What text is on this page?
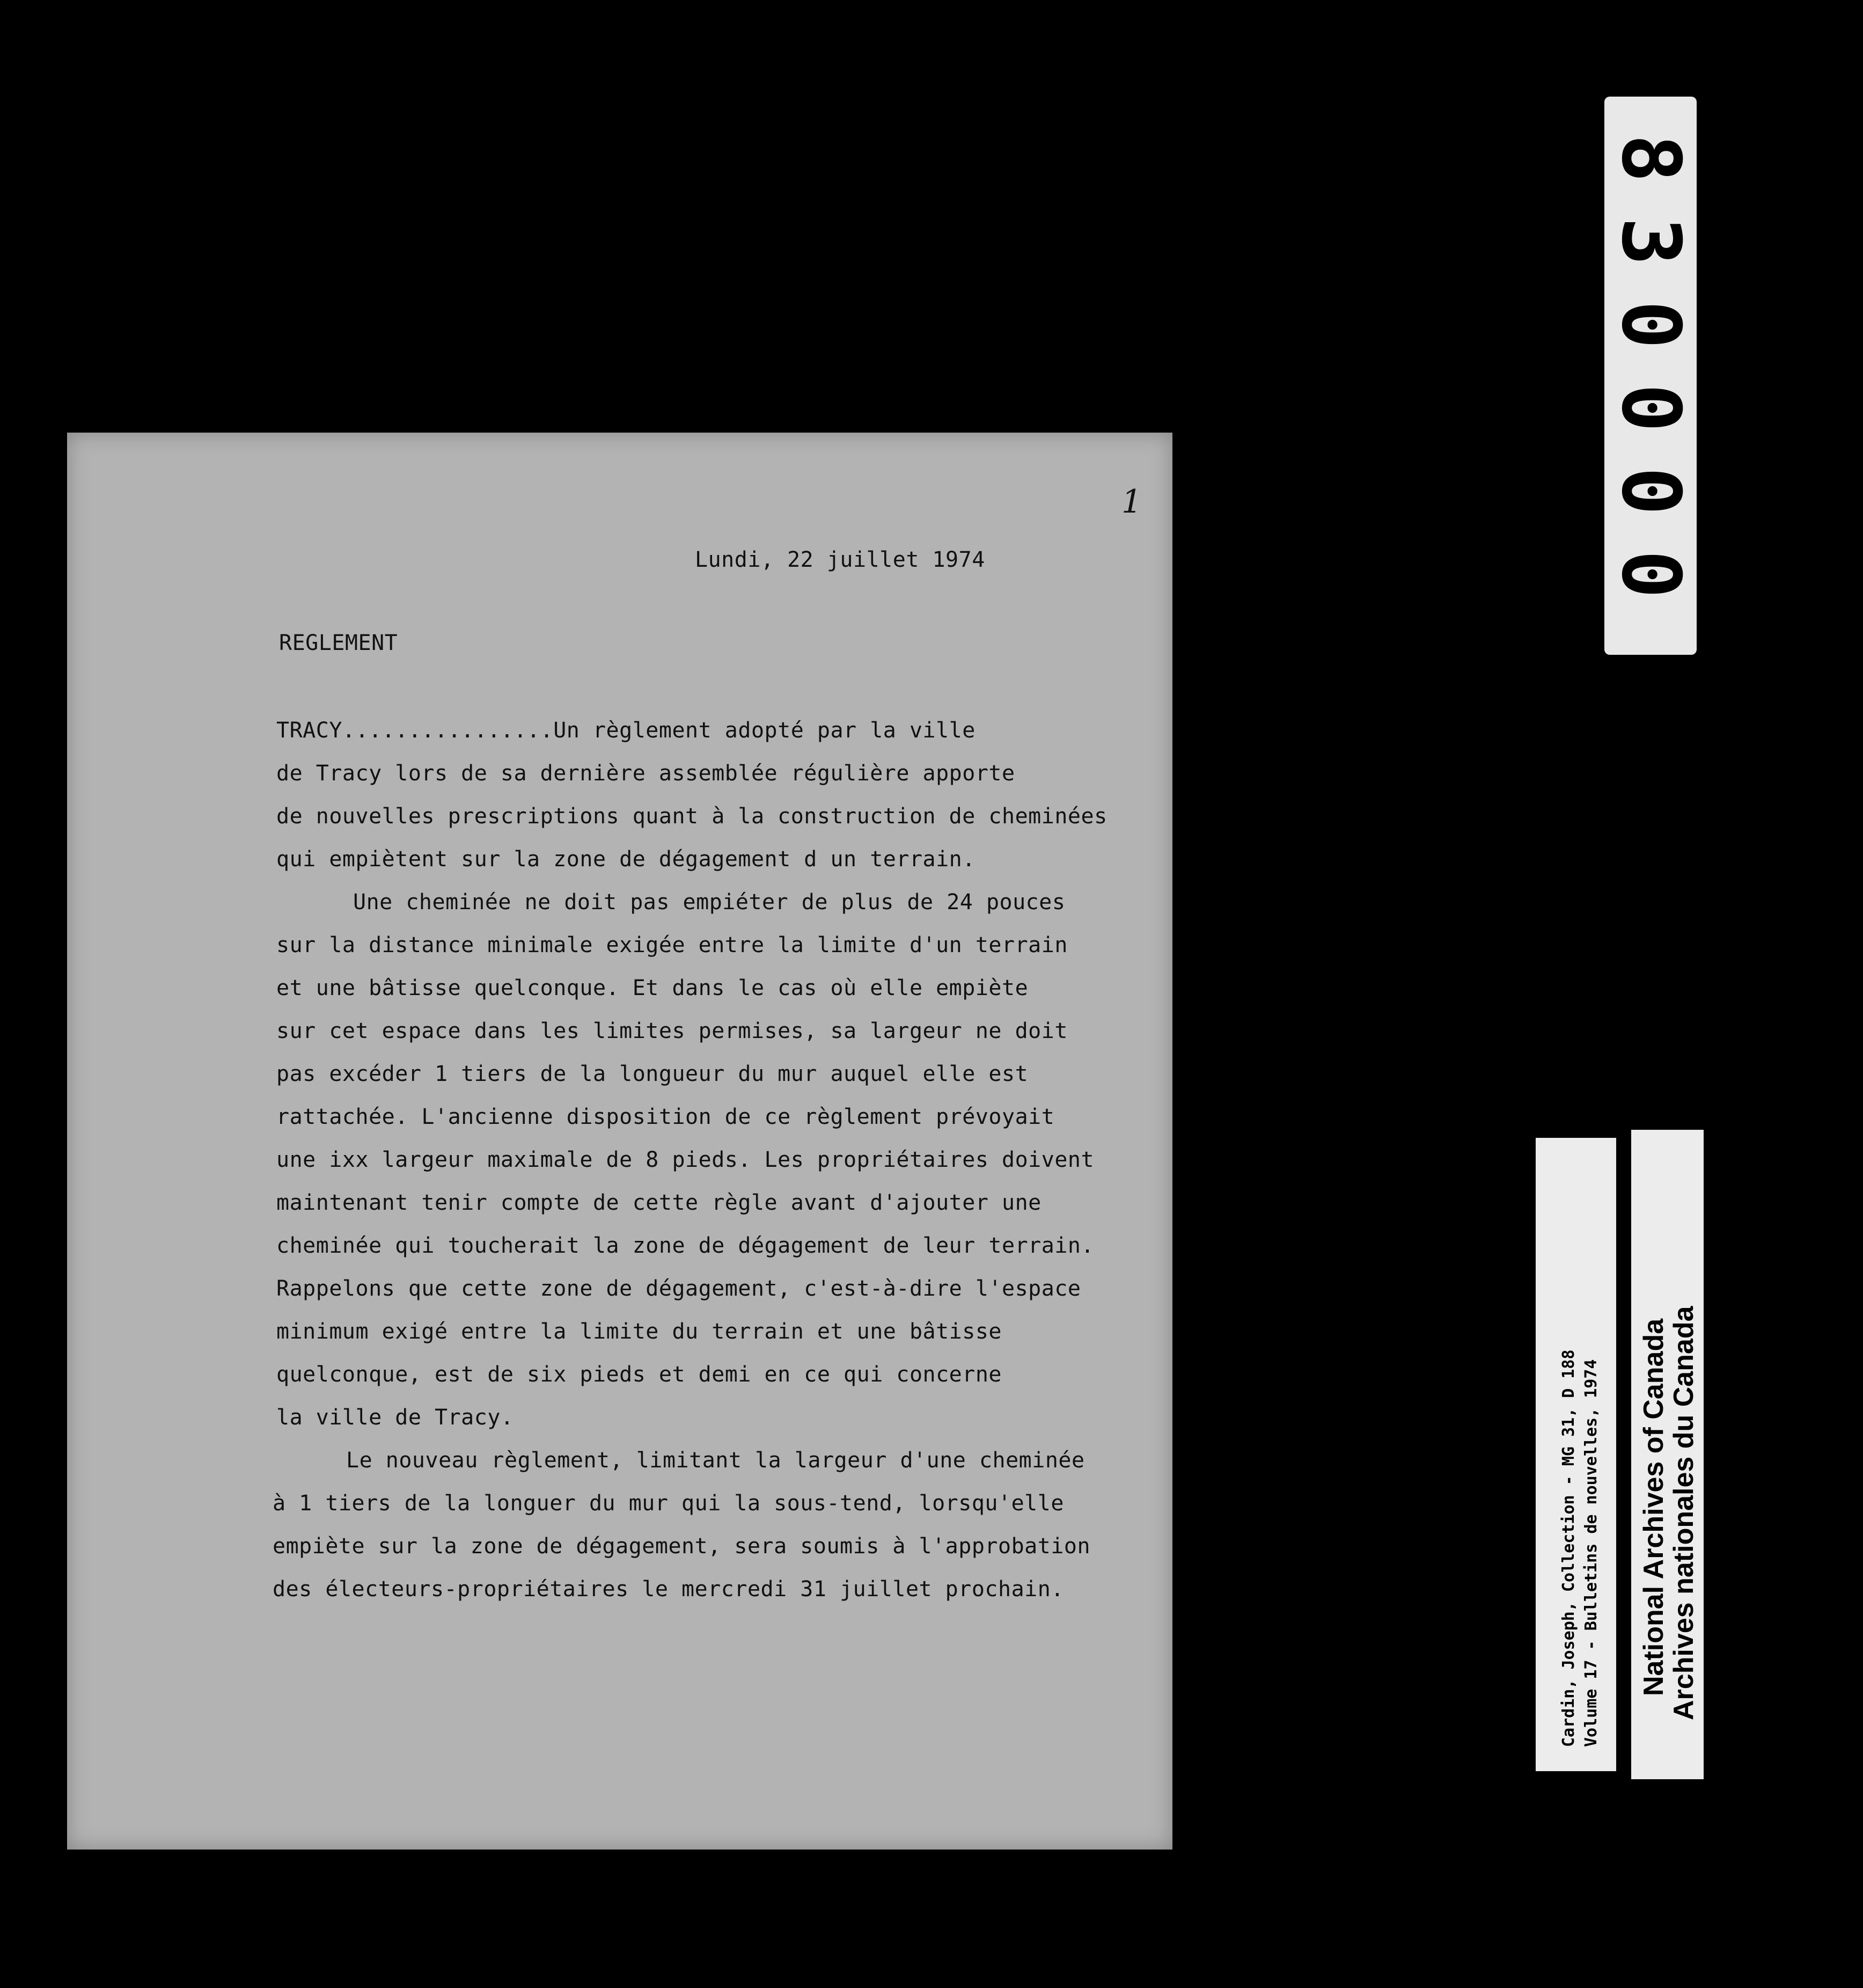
Lundi, 22 juillet 1974
1
REGLEMENT
TRACY................Un règlement adopté par la ville
de Tracy lors de sa dernière assemblée régulière apporte
de nouvelles prescriptions quant à la construction de cheminées
qui empiètent sur la zone de dégagement d un terrain.
Une cheminée ne doit pas empiéter de plus de 24 pouces
sur la distance minimale exigée entre la limite d'un terrain
et une bâtisse quelconque. Et dans le cas où elle empiète
sur cet espace dans les limites permises, sa largeur ne doit
pas excéder 1 tiers de la longueur du mur auquel elle est
rattachée. L'ancienne disposition de ce règlement prévoyait
une ixx largeur maximale de 8 pieds. Les propriétaires doivent
maintenant tenir compte de cette règle avant d'ajouter une
cheminée qui toucherait la zone de dégagement de leur terrain.
Rappelons que cette zone de dégagement, c'est-à-dire l'espace
minimum exigé entre la limite du terrain et une bâtisse
quelconque, est de six pieds et demi en ce qui concerne
la ville de Tracy.
Le nouveau règlement, limitant la largeur d'une cheminée
à 1 tiers de la longuer du mur qui la sous-tend, lorsqu'elle
empiète sur la zone de dégagement, sera soumis à l'approbation
des électeurs-propriétaires le mercredi 31 juillet prochain.
8
3
0
0
0
0
Cardin, Joseph, Collection - MG 31, D 188 Volume 17 - Bulletins de nouvelles, 1974 National Archives of Canada
Archives nationales du Canada
